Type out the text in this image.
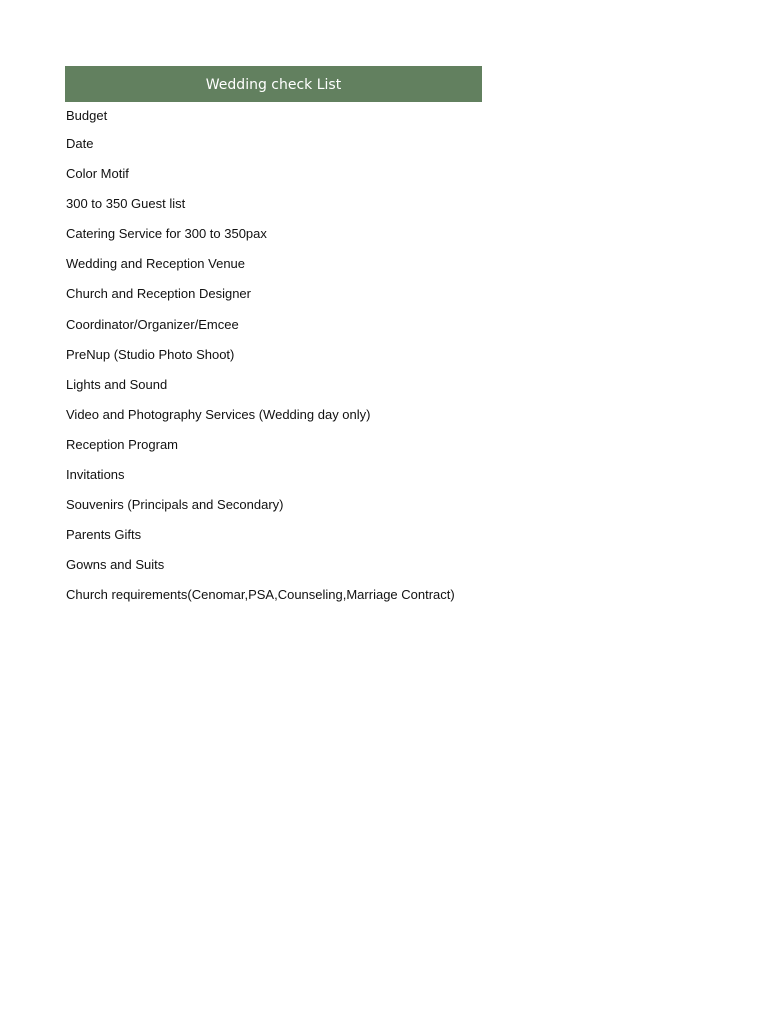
Wedding check List
Budget
Date
Color Motif
300 to 350 Guest list
Catering Service for 300 to 350pax
Wedding and Reception Venue
Church and Reception Designer
Coordinator/Organizer/Emcee
PreNup (Studio Photo Shoot)
Lights and Sound
Video and Photography Services (Wedding day only)
Reception Program
Invitations
Souvenirs (Principals and Secondary)
Parents Gifts
Gowns and Suits
Church requirements(Cenomar,PSA,Counseling,Marriage Contract)
